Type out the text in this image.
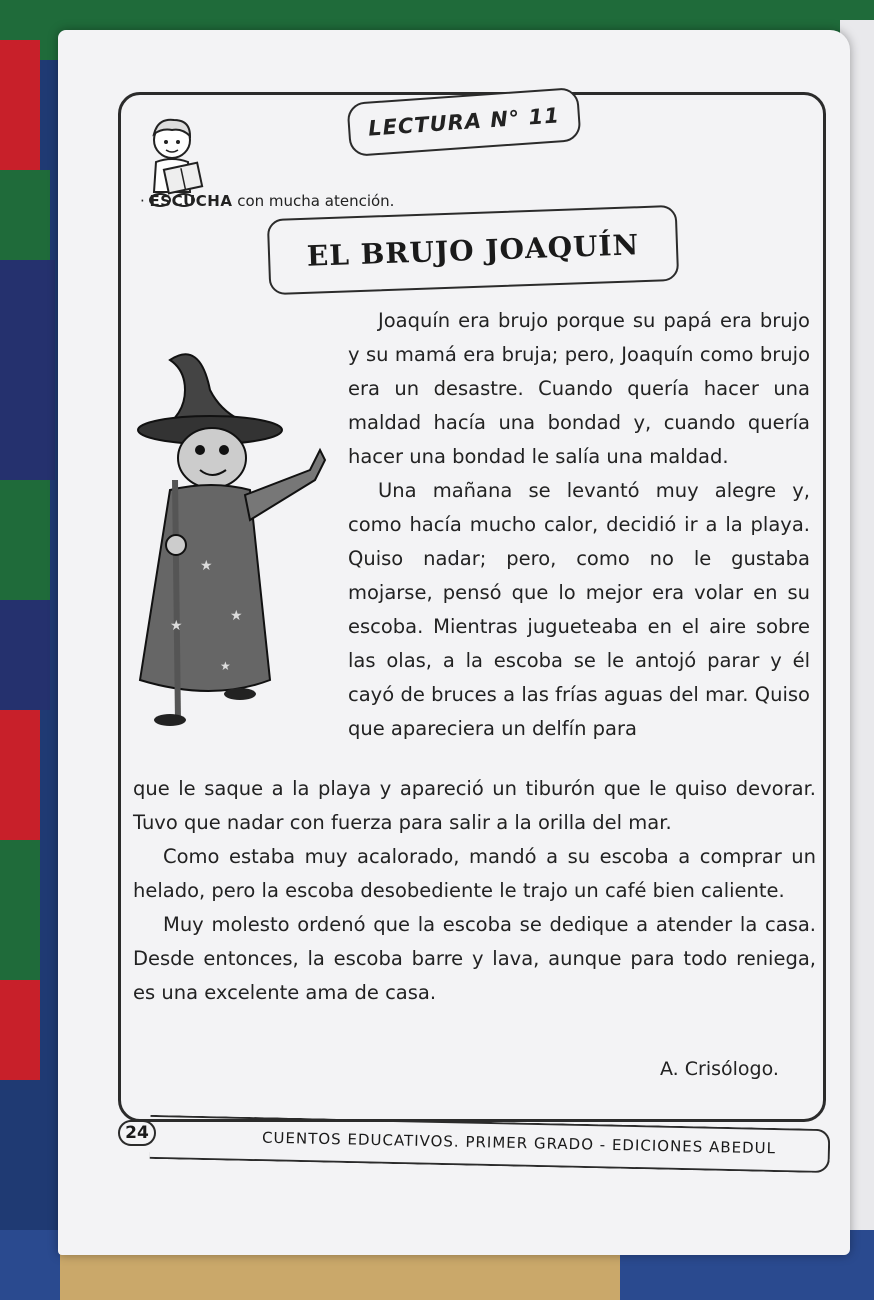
LECTURA N° 11
· ESCUCHA con mucha atención.
EL BRUJO JOAQUÍN
★
★
★
★

Joaquín era brujo porque su papá era brujo y su mamá era bruja; pero, Joaquín como brujo era un desastre. Cuando quería hacer una maldad hacía una bondad y, cuando quería hacer una bondad le salía una maldad.

Una mañana se levantó muy alegre y, como hacía mucho calor, decidió ir a la playa. Quiso nadar; pero, como no le gustaba mojarse, pensó que lo mejor era volar en su escoba. Mientras jugueteaba en el aire sobre las olas, a la escoba se le antojó parar y él cayó de bruces a las frías aguas del mar. Quiso que apareciera un delfín para

que le saque a la playa y apareció un tiburón que le quiso devorar. Tuvo que nadar con fuerza para salir a la orilla del mar.

Como estaba muy acalorado, mandó a su escoba a comprar un helado, pero la escoba desobediente le trajo un café bien caliente.

Muy molesto ordenó que la escoba se dedique a atender la casa. Desde entonces, la escoba barre y lava, aunque para todo reniega, es una excelente ama de casa.

A. Crisólogo.
24	CUENTOS EDUCATIVOS. PRIMER GRADO - EDICIONES ABEDUL
